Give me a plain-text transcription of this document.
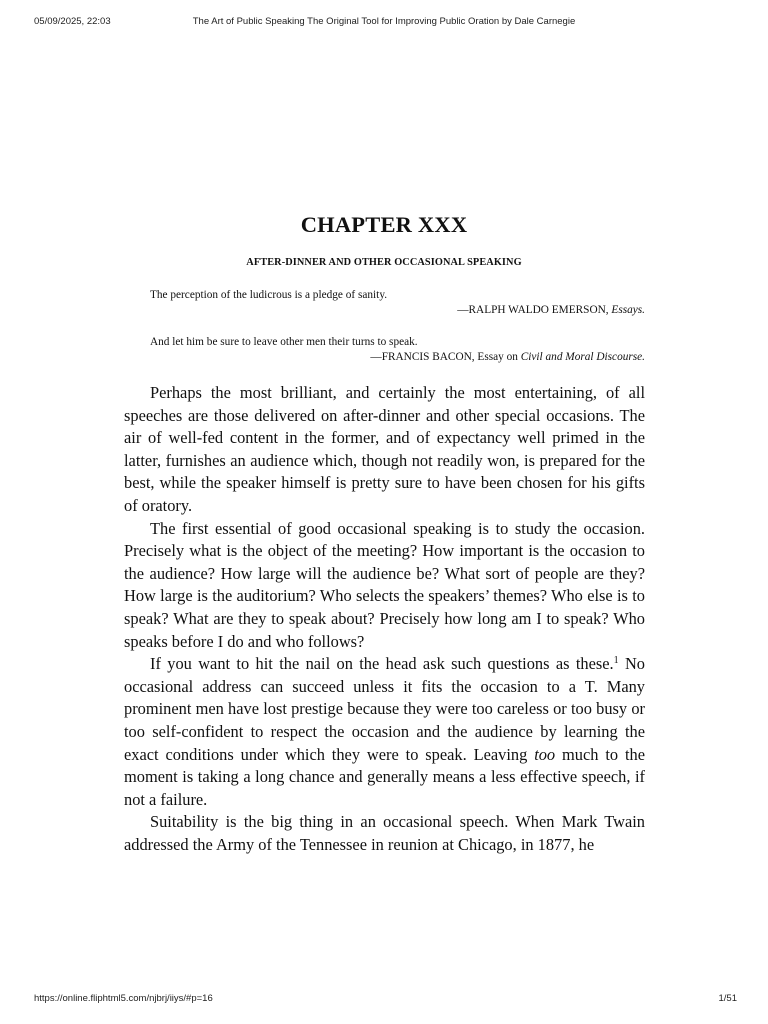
05/09/2025, 22:03	The Art of Public Speaking The Original Tool for Improving Public Oration by Dale Carnegie
CHAPTER XXX
AFTER-DINNER AND OTHER OCCASIONAL SPEAKING
The perception of the ludicrous is a pledge of sanity.
—RALPH WALDO EMERSON, Essays.
And let him be sure to leave other men their turns to speak.
—FRANCIS BACON, Essay on Civil and Moral Discourse.

Perhaps the most brilliant, and certainly the most entertaining, of all speeches are those delivered on after-dinner and other special occasions. The air of well-fed content in the former, and of expectancy well primed in the latter, furnishes an audience which, though not readily won, is prepared for the best, while the speaker himself is pretty sure to have been chosen for his gifts of oratory.

The first essential of good occasional speaking is to study the occasion. Precisely what is the object of the meeting? How important is the occasion to the audience? How large will the audience be? What sort of people are they? How large is the auditorium? Who selects the speakers’ themes? Who else is to speak? What are they to speak about? Precisely how long am I to speak? Who speaks before I do and who follows?

If you want to hit the nail on the head ask such questions as these.$^1$ No occasional address can succeed unless it fits the occasion to a T. Many prominent men have lost prestige because they were too careless or too busy or too self-confident to respect the occasion and the audience by learning the exact conditions under which they were to speak. Leaving too much to the moment is taking a long chance and generally means a less effective speech, if not a failure.

Suitability is the big thing in an occasional speech. When Mark Twain addressed the Army of the Tennessee in reunion at Chicago, in 1877, he

https://online.fliphtml5.com/njbrj/iiys/#p=16	1/51
